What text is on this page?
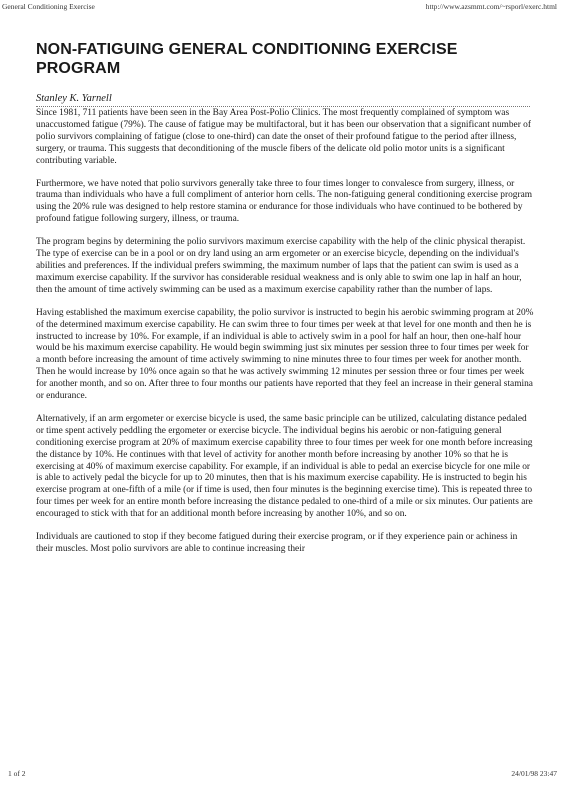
General Conditioning Exercise	http://www.azsmmt.com/~rsporl/exerc.html
NON-FATIGUING GENERAL CONDITIONING EXERCISE PROGRAM

Stanley K. Yarnell

Since 1981, 711 patients have been seen in the Bay Area Post-Polio Clinics. The most frequently complained of symptom was unaccustomed fatigue (79%). The cause of fatigue may be multifactoral, but it has been our observation that a significant number of polio survivors complaining of fatigue (close to one-third) can date the onset of their profound fatigue to the period after illness, surgery, or trauma. This suggests that deconditioning of the muscle fibers of the delicate old polio motor units is a significant contributing variable.

Furthermore, we have noted that polio survivors generally take three to four times longer to convalesce from surgery, illness, or trauma than individuals who have a full compliment of anterior horn cells. The non-fatiguing general conditioning exercise program using the 20% rule was designed to help restore stamina or endurance for those individuals who have continued to be bothered by profound fatigue following surgery, illness, or trauma.

The program begins by determining the polio survivors maximum exercise capability with the help of the clinic physical therapist. The type of exercise can be in a pool or on dry land using an arm ergometer or an exercise bicycle, depending on the individual's abilities and preferences. If the individual prefers swimming, the maximum number of laps that the patient can swim is used as a maximum exercise capability. If the survivor has considerable residual weakness and is only able to swim one lap in half an hour, then the amount of time actively swimming can be used as a maximum exercise capability rather than the number of laps.

Having established the maximum exercise capability, the polio survivor is instructed to begin his aerobic swimming program at 20% of the determined maximum exercise capability. He can swim three to four times per week at that level for one month and then he is instructed to increase by 10%. For example, if an individual is able to actively swim in a pool for half an hour, then one-half hour would be his maximum exercise capability. He would begin swimming just six minutes per session three to four times per week for a month before increasing the amount of time actively swimming to nine minutes three to four times per week for another month. Then he would increase by 10% once again so that he was actively swimming 12 minutes per session three or four times per week for another month, and so on. After three to four months our patients have reported that they feel an increase in their general stamina or endurance.

Alternatively, if an arm ergometer or exercise bicycle is used, the same basic principle can be utilized, calculating distance pedaled or time spent actively peddling the ergometer or exercise bicycle. The individual begins his aerobic or non-fatiguing general conditioning exercise program at 20% of maximum exercise capability three to four times per week for one month before increasing the distance by 10%. He continues with that level of activity for another month before increasing by another 10% so that he is exercising at 40% of maximum exercise capability. For example, if an individual is able to pedal an exercise bicycle for one mile or is able to actively pedal the bicycle for up to 20 minutes, then that is his maximum exercise capability. He is instructed to begin his exercise program at one-fifth of a mile (or if time is used, then four minutes is the beginning exercise time). This is repeated three to four times per week for an entire month before increasing the distance pedaled to one-third of a mile or six minutes. Our patients are encouraged to stick with that for an additional month before increasing by another 10%, and so on.

Individuals are cautioned to stop if they become fatigued during their exercise program, or if they experience pain or achiness in their muscles. Most polio survivors are able to continue increasing their

1 of 2	24/01/98 23:47
